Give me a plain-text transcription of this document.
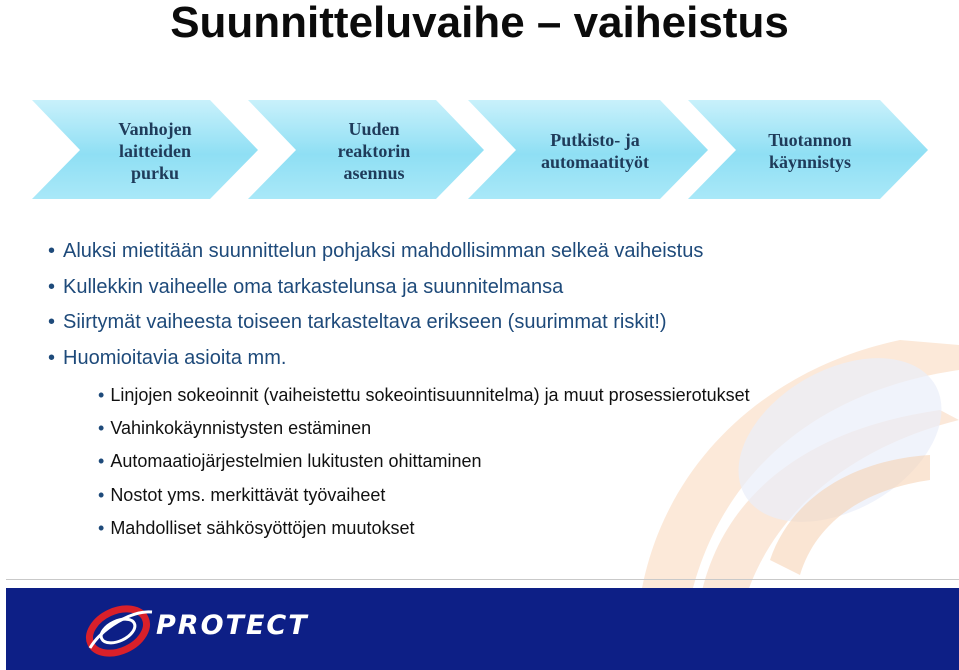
Suunnitteluvaihe – vaiheistus
Vanhojen
laitteiden
purku
Uuden
reaktorin
asennus
Putkisto- ja
automaatityöt
Tuotannon
käynnistys
• Aluksi mietitään suunnittelun pohjaksi mahdollisimman selkeä vaiheistus
• Kullekkin vaiheelle oma tarkastelunsa ja suunnitelmansa
• Siirtymät vaiheesta toiseen tarkasteltava erikseen (suurimmat riskit!)
• Huomioitavia asioita mm.
• Linjojen sokeoinnit (vaiheistettu sokeointisuunnitelma) ja muut prosessierotukset
• Vahinkokäynnistysten estäminen
• Automaatiojärjestelmien lukitusten ohittaminen
• Nostot yms. merkittävät työvaiheet
• Mahdolliset sähkösyöttöjen muutokset
PROTECT
